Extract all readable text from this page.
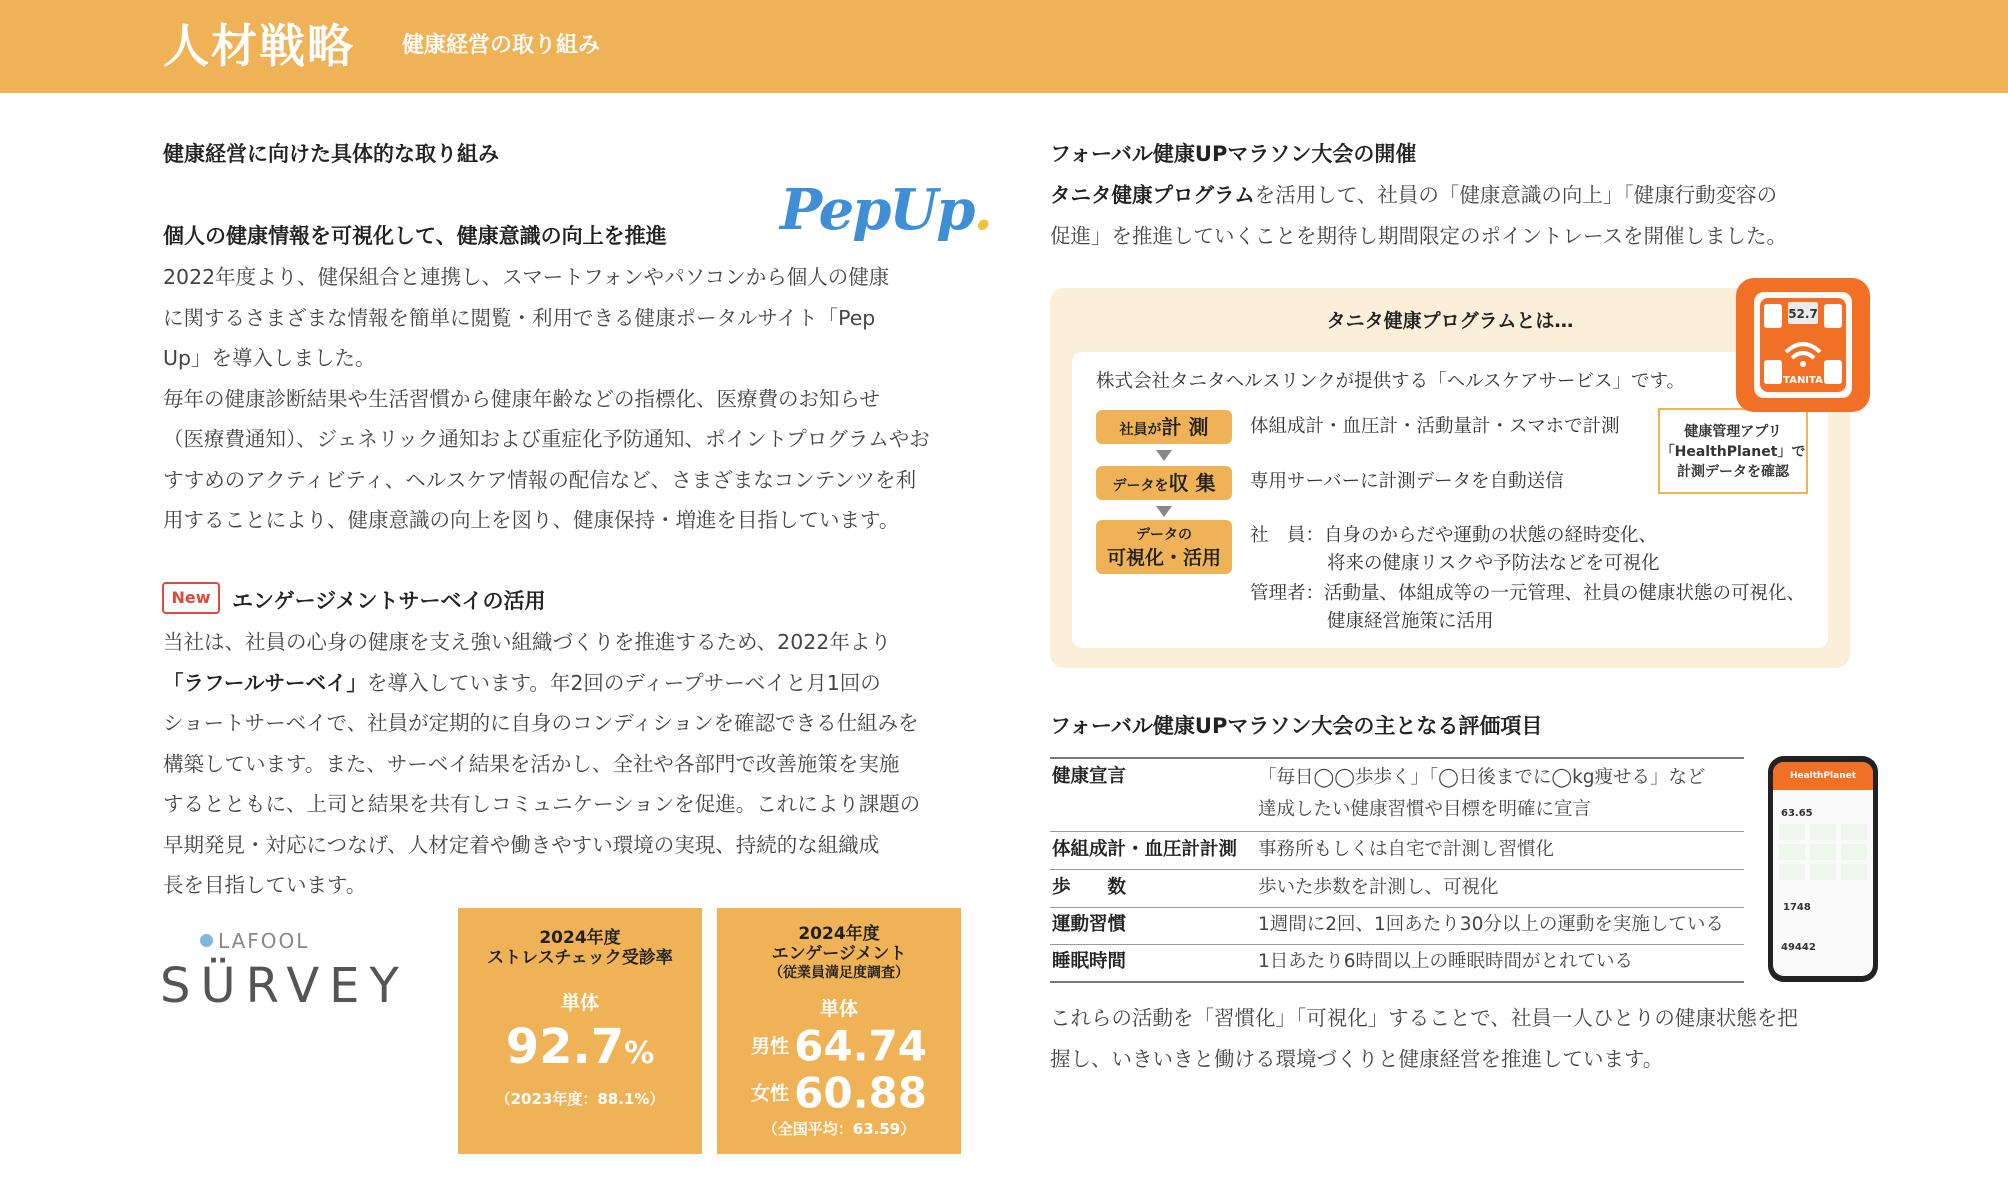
人材戦略 健康経営の取り組み
健康経営に向けた具体的な取り組み
個人の健康情報を可視化して、健康意識の向上を推進 PepUp.
2022年度より、健保組合と連携し、スマートフォンやパソコンから個人の健康
に関するさまざまな情報を簡単に閲覧・利用できる健康ポータルサイト「Pep
Up」を導入しました。
毎年の健康診断結果や生活習慣から健康年齢などの指標化、医療費のお知らせ
（医療費通知）、ジェネリック通知および重症化予防通知、ポイントプログラムやお
すすめのアクティビティ、ヘルスケア情報の配信など、さまざまなコンテンツを利
用することにより、健康意識の向上を図り、健康保持・増進を目指しています。
New	エンゲージメントサーベイの活用
当社は、社員の心身の健康を支え強い組織づくりを推進するため、2022年より
「ラフールサーベイ」を導入しています。年2回のディープサーベイと月1回の
ショートサーベイで、社員が定期的に自身のコンディションを確認できる仕組みを
構築しています。また、サーベイ結果を活かし、全社や各部門で改善施策を実施
するとともに、上司と結果を共有しコミュニケーションを促進。これにより課題の
早期発見・対応につなげ、人材定着や働きやすい環境の実現、持続的な組織成
長を目指しています。
LAFOOL
SÜRVEY
2024年度
ストレスチェック受診率
単体
92.7%
（2023年度：88.1%）
2024年度
エンゲージメント
（従業員満足度調査）
単体
男性 64.74
女性 60.88
（全国平均：63.59）
フォーバル健康UPマラソン大会の開催
タニタ健康プログラムを活用して、社員の「健康意識の向上」「健康行動変容の
促進」を推進していくことを期待し期間限定のポイントレースを開催しました。
タニタ健康プログラムとは…
株式会社タニタヘルスリンクが提供する「ヘルスケアサービス」です。
社員が計 測	体組成計・血圧計・活動量計・スマホで計測
データを収 集	専用サーバーに計測データを自動送信
データの
可視化・活用
社　員：自身のからだや運動の状態の経時変化、
将来の健康リスクや予防法などを可視化
管理者：活動量、体組成等の一元管理、社員の健康状態の可視化、
健康経営施策に活用
健康管理アプリ
「HealthPlanet」で
計測データを確認
52.7
TANITA
フォーバル健康UPマラソン大会の主となる評価項目
健康宣言	「毎日◯◯歩歩く」「◯日後までに◯kg痩せる」など
達成したい健康習慣や目標を明確に宣言
体組成計・血圧計計測 事務所もしくは自宅で計測し習慣化
歩　　数	歩いた歩数を計測し、可視化
運動習慣	1週間に2回、1回あたり30分以上の運動を実施している
睡眠時間	1日あたり6時間以上の睡眠時間がとれている
HealthPlanet
63.65
1748
49442
これらの活動を「習慣化」「可視化」することで、社員一人ひとりの健康状態を把
握し、いきいきと働ける環境づくりと健康経営を推進しています。
